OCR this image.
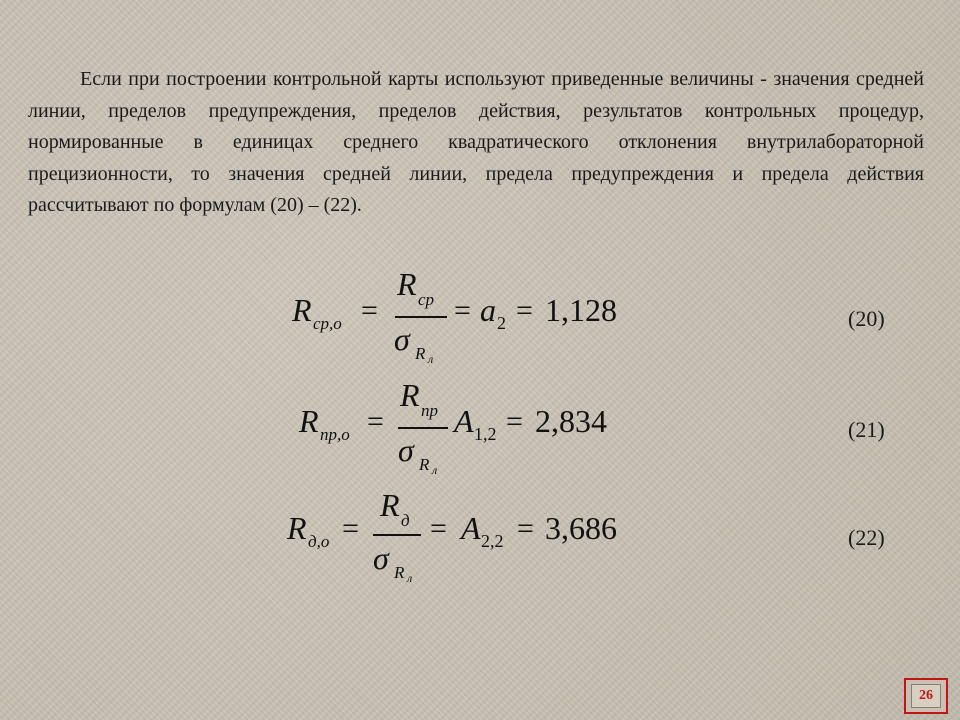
Если при построении контрольной карты используют приведенные величины - значения средней линии, пределов предупреждения, пределов действия, результатов контрольных процедур, нормированные в единицах среднего квадратического отклонения внутрилабораторной прецизионности, то значения средней линии, предела предупреждения и предела действия рассчитывают по формулам (20) – (22).

R ср,о =
R ср
σ R л
= a 2 = 1,128	(20)
R пр,о =
R пр
σ R л
A 1,2 = 2,834	(21)
R д,о =
R д
σ R л
= A 2,2 = 3,686	(22)
26
